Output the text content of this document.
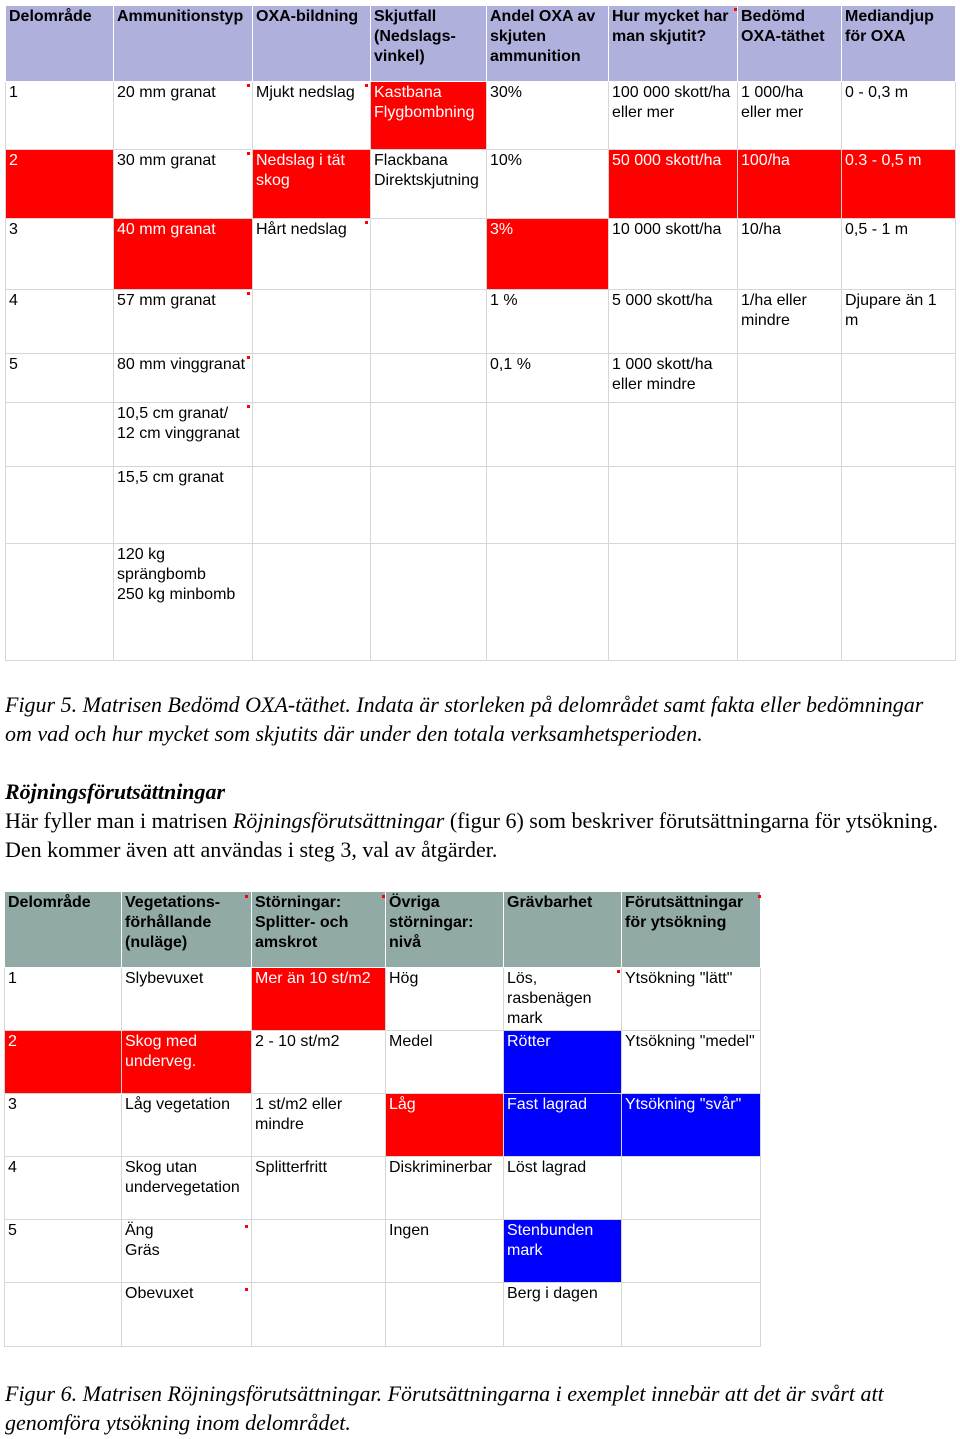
Delområde	Ammunitionstyp	OXA-bildning	Skjutfall
(Nedslags-
vinkel)	Andel OXA av
skjuten
ammunition	Hur mycket har
man skjutit?	Bedömd
OXA-täthet	Mediandjup
för OXA
1	20 mm granat	Mjukt nedslag	Kastbana
Flygbombning	30%	100 000 skott/ha
eller mer	1 000/ha
eller mer	0 - 0,3 m
2	30 mm granat	Nedslag i tät
skog	Flackbana
Direktskjutning	10%	50 000 skott/ha	100/ha	0.3 - 0,5 m
3	40 mm granat	Hårt nedslag		3%	10 000 skott/ha	10/ha	0,5 - 1 m
4	57 mm granat			1 %	5 000 skott/ha	1/ha eller
mindre	Djupare än 1
m
5	80 mm vinggranat			0,1 %	1 000 skott/ha
eller mindre		
	10,5 cm granat/
12 cm vinggranat						
	15,5 cm granat						
	120 kg
sprängbomb
250 kg minbomb						

Figur 5. Matrisen Bedömd OXA-täthet. Indata är storleken på delområdet samt fakta eller bedömningar om vad och hur mycket som skjutits där under den totala verksamhetsperioden.

Röjningsförutsättningar

Här fyller man i matrisen Röjningsförutsättningar (figur 6) som beskriver förutsättningarna för ytsökning. Den kommer även att användas i steg 3, val av åtgärder.

Delområde	Vegetations-
förhållande
(nuläge)	Störningar:
Splitter- och
amskrot	Övriga
störningar:
nivå	Grävbarhet	Förutsättningar
för ytsökning
1	Slybevuxet	Mer än 10 st/m2	Hög	Lös,
rasbenägen
mark	Ytsökning "lätt"
2	Skog med
underveg.	2 - 10 st/m2	Medel	Rötter	Ytsökning "medel"
3	Låg vegetation	1 st/m2 eller
mindre	Låg	Fast lagrad	Ytsökning "svår"
4	Skog utan
undervegetation	Splitterfritt	Diskriminerbar	Löst lagrad	
5	Äng
Gräs		Ingen	Stenbunden
mark	
	Obevuxet			Berg i dagen	

Figur 6. Matrisen Röjningsförutsättningar. Förutsättningarna i exemplet innebär att det är svårt att genomföra ytsökning inom delområdet.
